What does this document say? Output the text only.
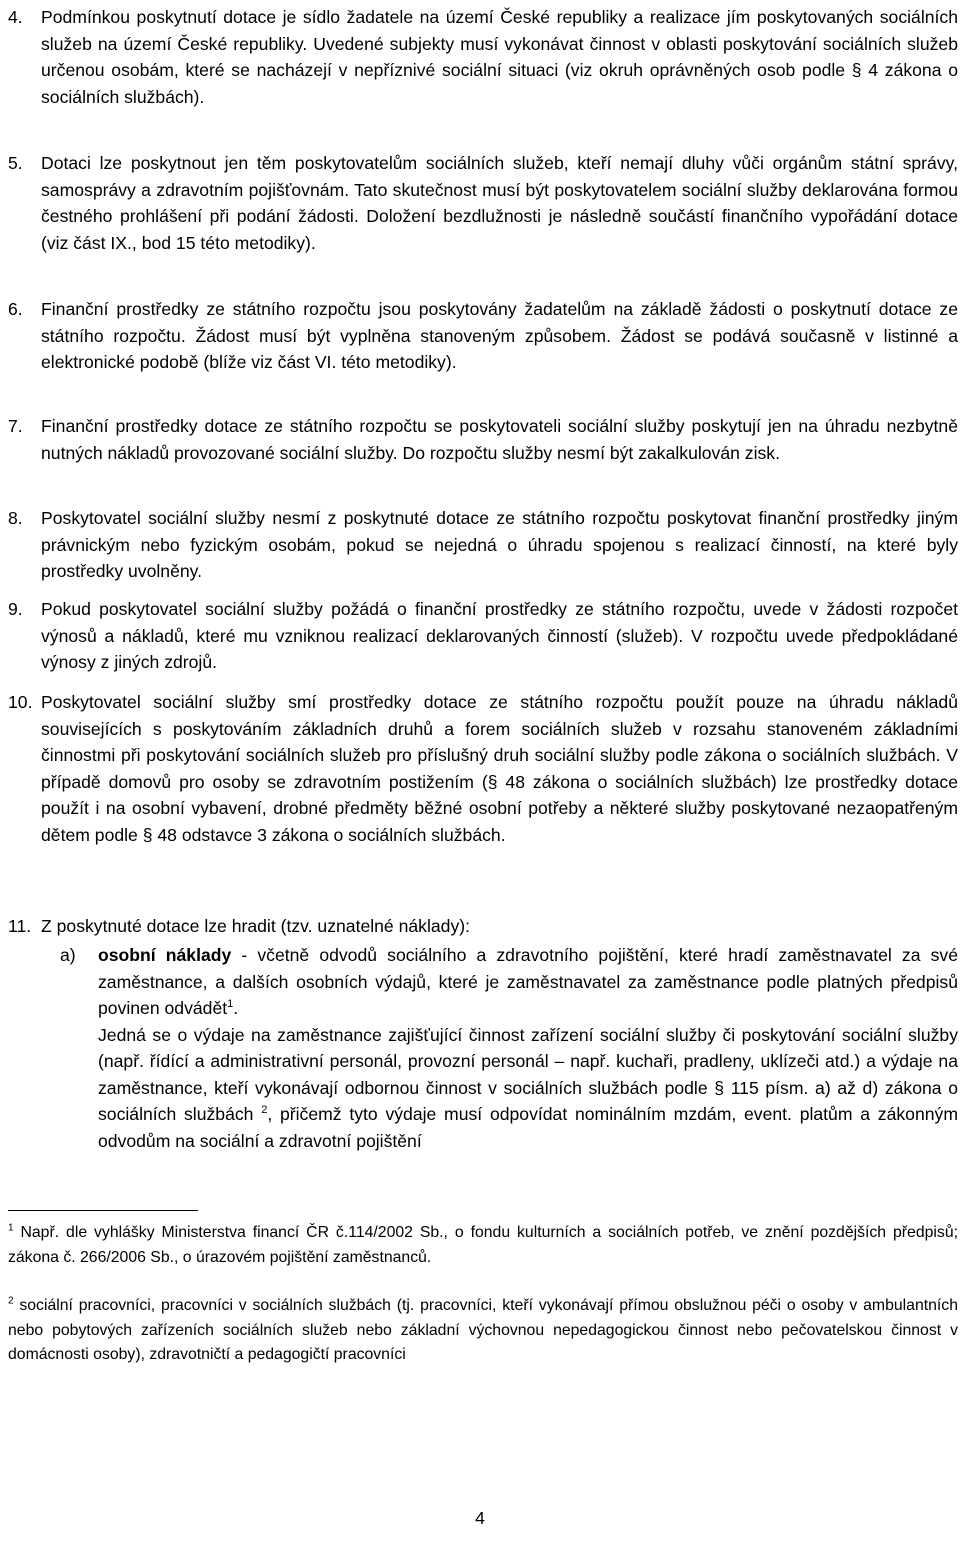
4. Podmínkou poskytnutí dotace je sídlo žadatele na území České republiky a realizace jím poskytovaných sociálních služeb na území České republiky. Uvedené subjekty musí vykonávat činnost v oblasti poskytování sociálních služeb určenou osobám, které se nacházejí v nepříznivé sociální situaci (viz okruh oprávněných osob podle § 4 zákona o sociálních službách).
5. Dotaci lze poskytnout jen těm poskytovatelům sociálních služeb, kteří nemají dluhy vůči orgánům státní správy, samosprávy a zdravotním pojišťovnám. Tato skutečnost musí být poskytovatelem sociální služby deklarována formou čestného prohlášení při podání žádosti. Doložení bezdlužnosti je následně součástí finančního vypořádání dotace (viz část IX., bod 15 této metodiky).
6. Finanční prostředky ze státního rozpočtu jsou poskytovány žadatelům na základě žádosti o poskytnutí dotace ze státního rozpočtu. Žádost musí být vyplněna stanoveným způsobem. Žádost se podává současně v listinné a elektronické podobě (blíže viz část VI. této metodiky).
7. Finanční prostředky dotace ze státního rozpočtu se poskytovateli sociální služby poskytují jen na úhradu nezbytně nutných nákladů provozované sociální služby. Do rozpočtu služby nesmí být zakalkulován zisk.
8. Poskytovatel sociální služby nesmí z poskytnuté dotace ze státního rozpočtu poskytovat finanční prostředky jiným právnickým nebo fyzickým osobám, pokud se nejedná o úhradu spojenou s realizací činností, na které byly prostředky uvolněny.
9. Pokud poskytovatel sociální služby požádá o finanční prostředky ze státního rozpočtu, uvede v žádosti rozpočet výnosů a nákladů, které mu vzniknou realizací deklarovaných činností (služeb). V rozpočtu uvede předpokládané výnosy z jiných zdrojů.
10. Poskytovatel sociální služby smí prostředky dotace ze státního rozpočtu použít pouze na úhradu nákladů souvisejících s poskytováním základních druhů a forem sociálních služeb v rozsahu stanoveném základními činnostmi při poskytování sociálních služeb pro příslušný druh sociální služby podle zákona o sociálních službách. V případě domovů pro osoby se zdravotním postižením (§ 48 zákona o sociálních službách) lze prostředky dotace použít i na osobní vybavení, drobné předměty běžné osobní potřeby a některé služby poskytované nezaopatřeným dětem podle § 48 odstavce 3 zákona o sociálních službách.
11. Z poskytnuté dotace lze hradit (tzv. uznatelné náklady):
a) osobní náklady - včetně odvodů sociálního a zdravotního pojištění, které hradí zaměstnavatel za své zaměstnance, a dalších osobních výdajů, které je zaměstnavatel za zaměstnance podle platných předpisů povinen odvádět$^1$.
Jedná se o výdaje na zaměstnance zajišťující činnost zařízení sociální služby či poskytování sociální služby (např. řídící a administrativní personál, provozní personál – např. kuchaři, pradleny, uklízeči atd.) a výdaje na zaměstnance, kteří vykonávají odbornou činnost v sociálních službách podle § 115 písm. a) až d) zákona o sociálních službách $^2$, přičemž tyto výdaje musí odpovídat nominálním mzdám, event. platům a zákonným odvodům na sociální a zdravotní pojištění
$^1$ Např. dle vyhlášky Ministerstva financí ČR č.114/2002 Sb., o fondu kulturních a sociálních potřeb, ve znění pozdějších předpisů; zákona č. 266/2006 Sb., o úrazovém pojištění zaměstnanců.
$^2$ sociální pracovníci, pracovníci v sociálních službách (tj. pracovníci, kteří vykonávají přímou obslužnou péči o osoby v ambulantních nebo pobytových zařízeních sociálních služeb nebo základní výchovnou nepedagogickou činnost nebo pečovatelskou činnost v domácnosti osoby), zdravotničtí a pedagogičtí pracovníci
4
